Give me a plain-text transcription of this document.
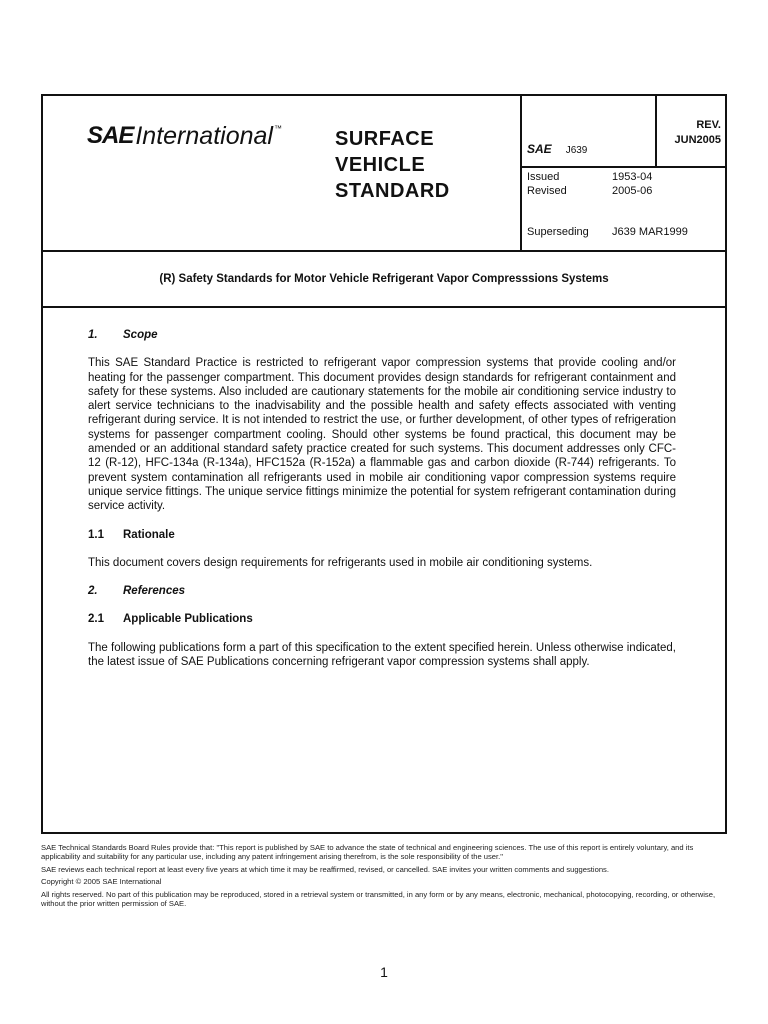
SAE International ™	SURFACE
VEHICLE
STANDARD
SAE J639
REV.
JUN2005
Issued	1953-04
Revised	2005-06
Superseding	J639 MAR1999
(R) Safety Standards for Motor Vehicle Refrigerant Vapor Compresssions Systems
1.	Scope

This SAE Standard Practice is restricted to refrigerant vapor compression systems that provide cooling and/or heating for the passenger compartment. This document provides design standards for refrigerant containment and safety for these systems. Also included are cautionary statements for the mobile air conditioning service industry to alert service technicians to the inadvisability and the possible health and safety effects associated with venting refrigerant during service. It is not intended to restrict the use, or further development, of other types of refrigeration systems for passenger compartment cooling. Should other systems be found practical, this document may be amended or an additional standard safety practice created for such systems. This document addresses only CFC-12 (R-12), HFC-134a (R-134a), HFC152a (R-152a) a flammable gas and carbon dioxide (R-744) refrigerants. To prevent system contamination all refrigerants used in mobile air conditioning vapor compression systems require unique service fittings. The unique service fittings minimize the potential for system refrigerant contamination during service activity.

1.1	Rationale

This document covers design requirements for refrigerants used in mobile air conditioning systems.

2.	References
2.1	Applicable Publications

The following publications form a part of this specification to the extent specified herein. Unless otherwise indicated, the latest issue of SAE Publications concerning refrigerant vapor compression systems shall apply.

SAE Technical Standards Board Rules provide that: "This report is published by SAE to advance the state of technical and engineering sciences. The use of this report is entirely voluntary, and its applicability and suitability for any particular use, including any patent infringement arising therefrom, is the sole responsibility of the user."
SAE reviews each technical report at least every five years at which time it may be reaffirmed, revised, or cancelled. SAE invites your written comments and suggestions.
Copyright © 2005 SAE International
All rights reserved. No part of this publication may be reproduced, stored in a retrieval system or transmitted, in any form or by any means, electronic, mechanical, photocopying, recording, or otherwise, without the prior written permission of SAE.
1
